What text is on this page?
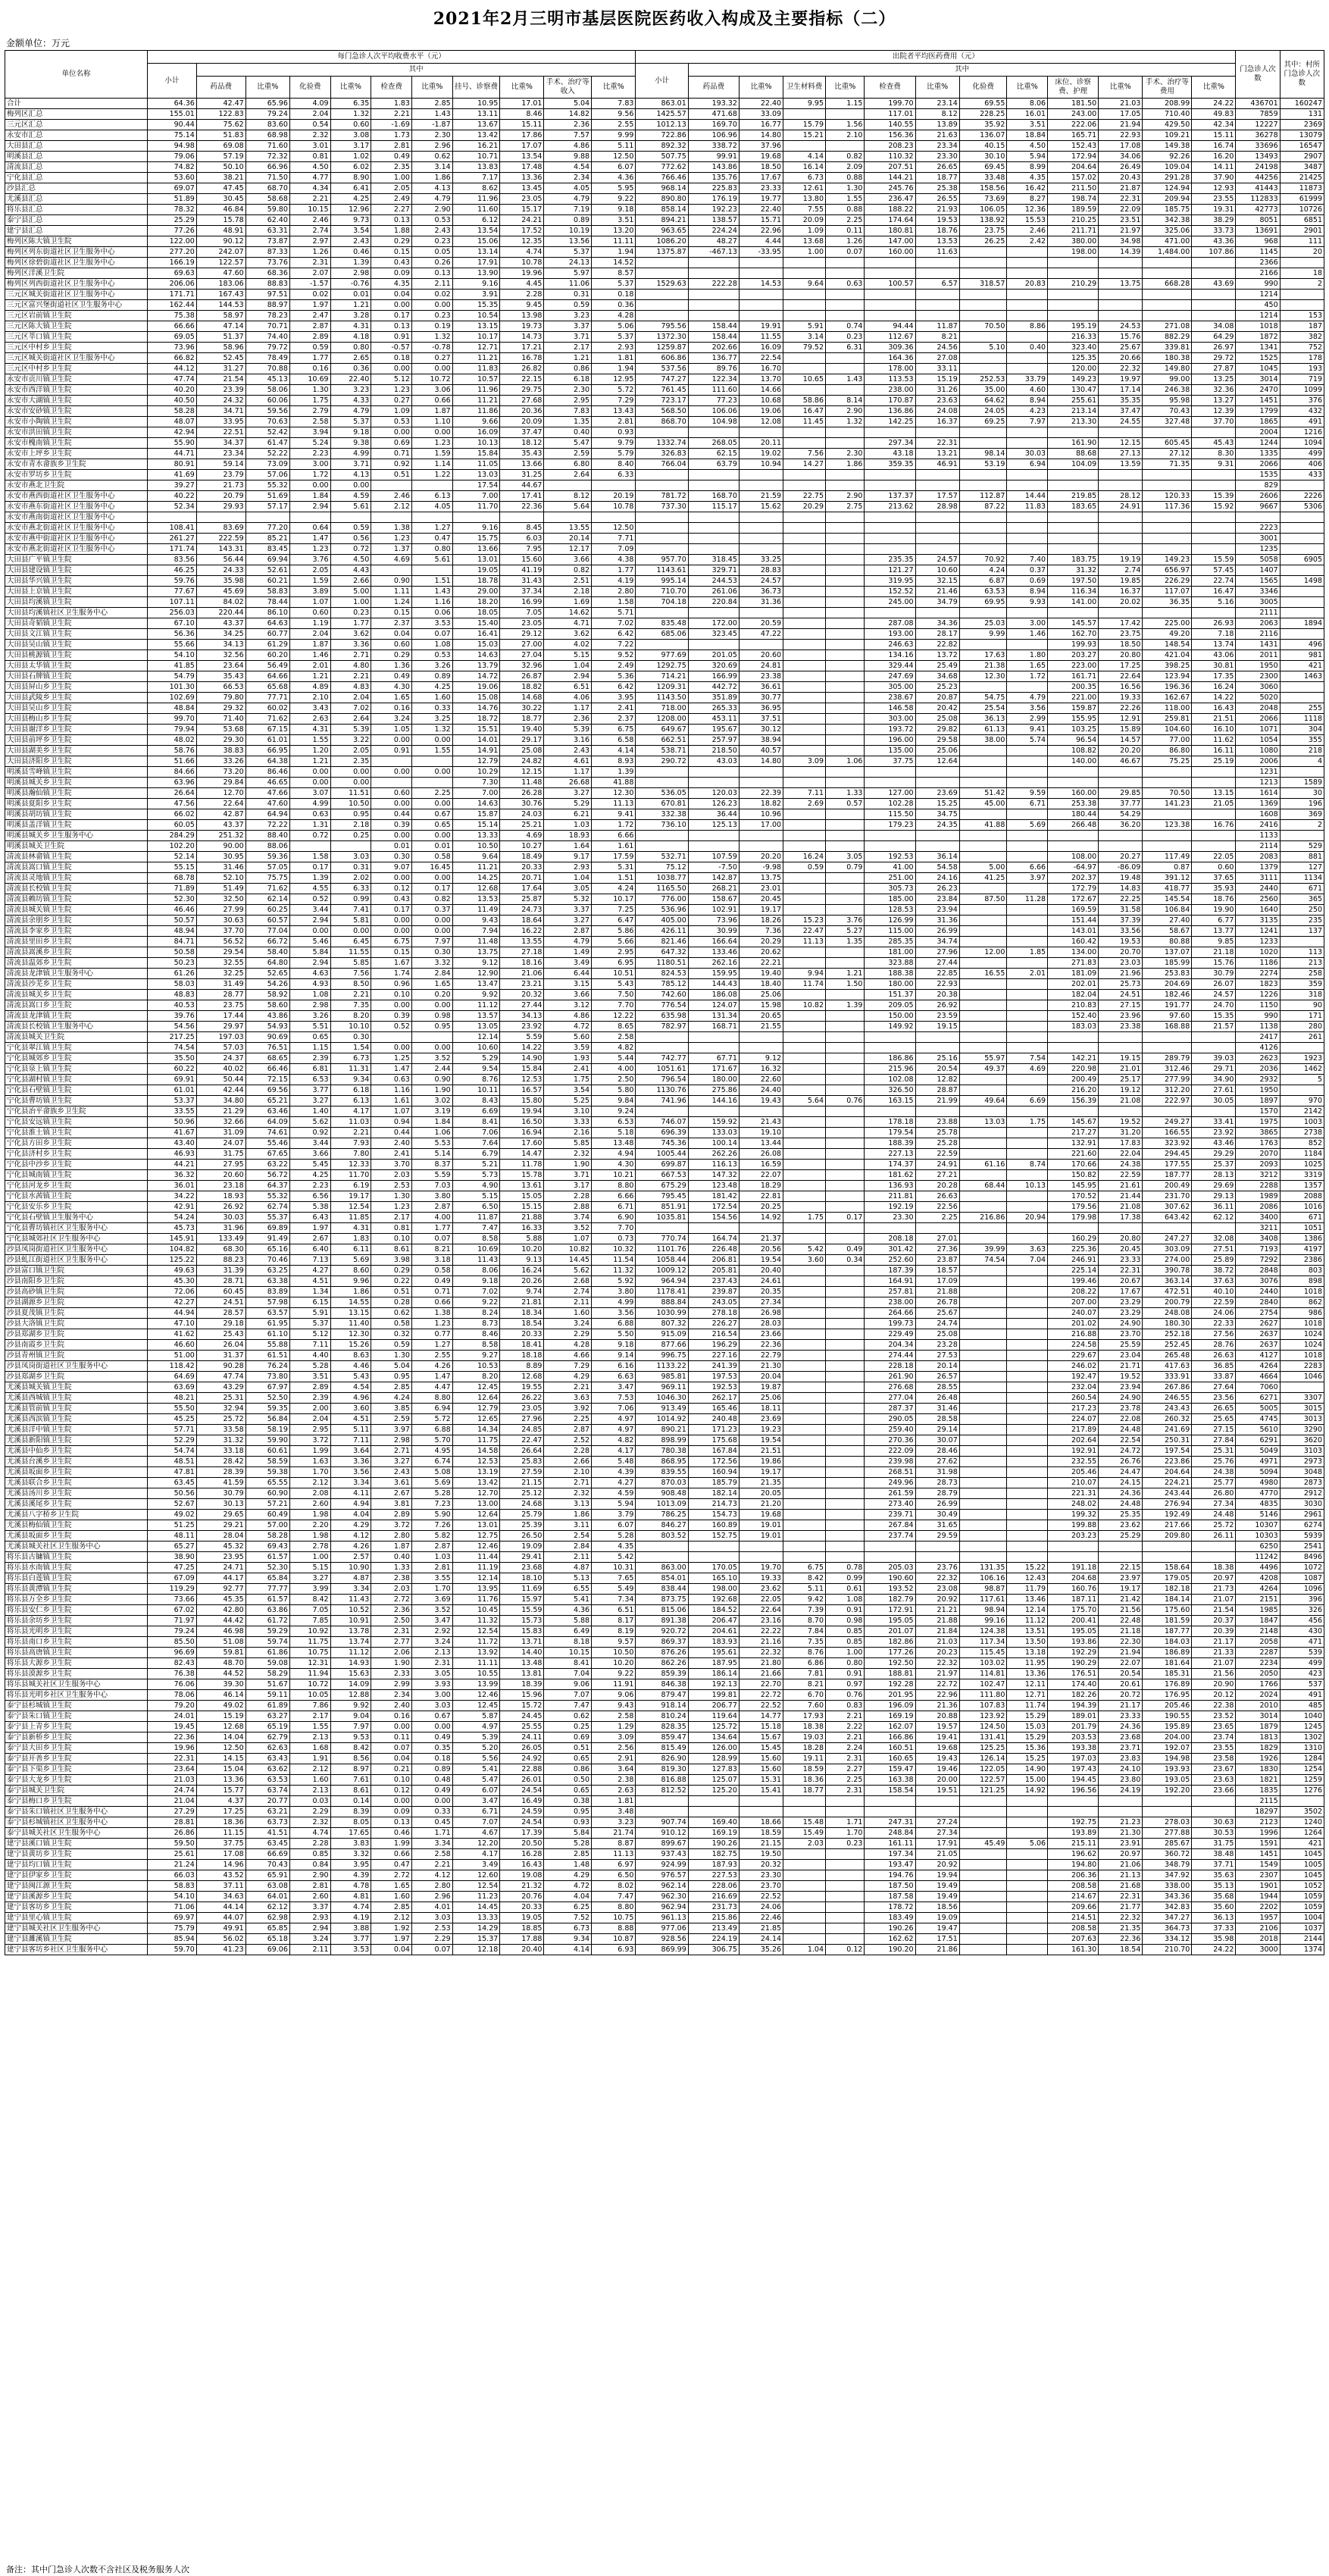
2021年2月三明市基层医院医药收入构成及主要指标（二）
金额单位：万元
单位名称	每门急诊人次平均收费水平（元）											出院者平均医药费用（元）													门急诊人次数	其中：村所门急诊人次数
	小计	其中										小计	其中													
		药品费	比重%	化验费	比重%	检查费	比重%	挂号、诊察费	比重%	手术、治疗等收入	比重%		药品费	比重%	卫生材料费	比重%	检查费	比重%	化验费	比重%	床位、诊察费、护理	比重%	手术、治疗等费用	比重%		
合计	64.36	42.47	65.96	4.09	6.35	1.83	2.85	10.95	17.01	5.04	7.83	863.01	193.32	22.40	9.95	1.15	199.70	23.14	69.55	8.06	181.50	21.03	208.99	24.22	436701	160247
梅列区汇总	155.01	122.83	79.24	2.04	1.32	2.21	1.43	13.11	8.46	14.82	9.56	1425.57	471.68	33.09			117.01	8.12	228.25	16.01	243.00	17.05	710.40	49.83	7859	131
三元区汇总	90.44	75.62	83.60	0.54	0.60	-1.69	-1.87	13.67	15.11	2.36	2.55	1012.13	169.70	16.77	15.79	1.56	140.55	13.89	35.92	3.51	222.06	21.94	429.50	42.34	12227	2369
永安市汇总	75.14	51.83	68.98	2.32	3.08	1.73	2.30	13.42	17.86	7.57	9.99	722.86	106.96	14.80	15.21	2.10	156.36	21.63	136.07	18.84	165.71	22.93	109.21	15.11	36278	13079
大田县汇总	94.98	69.08	71.60	3.01	3.17	2.81	2.96	16.21	17.07	4.86	5.11	892.32	338.72	37.96			208.23	23.34	40.15	4.50	152.43	17.08	149.38	16.74	33696	16547
明溪县汇总	79.06	57.19	72.32	0.81	1.02	0.49	0.62	10.71	13.54	9.88	12.50	507.75	99.91	19.68	4.14	0.82	110.32	23.30	30.10	5.94	172.94	34.06	92.26	16.20	13493	2907
清流县汇总	74.82	50.10	66.96	4.50	6.02	2.35	3.14	13.83	17.48	4.54	6.07	772.62	143.86	18.50	16.14	2.09	207.51	26.65	69.45	8.99	204.64	26.49	109.04	14.11	24198	3487
宁化县汇总	53.60	38.21	71.50	4.77	8.90	1.00	1.86	7.17	13.36	2.34	4.36	766.46	135.76	17.67	6.73	0.88	144.21	18.77	33.48	4.35	157.02	20.43	291.28	37.90	44256	21425
沙县汇总	69.07	47.45	68.70	4.34	6.41	2.05	4.13	8.62	13.45	4.05	5.95	968.14	225.83	23.33	12.61	1.30	245.76	25.38	158.56	16.42	211.50	21.87	124.94	12.93	41443	11873
尤溪县汇总	51.89	30.45	58.68	2.21	4.25	2.49	4.79	11.96	23.05	4.79	9.22	890.80	176.19	19.77	13.80	1.55	236.47	26.55	73.69	8.27	198.74	22.31	209.94	23.55	112833	61999
将乐县汇总	78.32	46.84	59.80	10.15	12.96	2.27	2.90	11.60	15.17	7.19	9.18	858.14	192.23	22.40	7.55	0.88	188.22	21.93	106.05	12.36	189.59	22.09	185.75	19.31	42773	10726
泰宁县汇总	25.29	15.78	62.40	2.46	9.73	0.13	0.53	6.12	24.21	0.89	3.51	894.21	138.57	15.71	20.09	2.25	174.64	19.53	138.92	15.53	210.25	23.51	342.38	38.29	8051	6851
建宁县汇总	77.26	48.91	63.31	2.74	3.54	1.88	2.43	13.54	17.52	10.19	13.20	963.65	224.24	22.96	1.09	0.11	180.81	18.76	23.75	2.46	211.71	21.97	325.06	33.73	13691	2901
梅列区陈大镇卫生院	122.00	90.12	73.87	2.97	2.43	0.29	0.23	15.06	12.35	13.56	11.11	1086.20	48.27	4.44	13.68	1.26	147.00	13.53	26.25	2.42	380.00	34.98	471.00	43.36	968	111
梅列区列东街道社区卫生服务中心	277.20	242.07	87.33	1.26	0.46	0.15	0.05	13.14	4.74	5.37	1.94	1375.87	-467.13	-33.95	1.00	0.07	160.00	11.63			198.00	14.39	1,484.00	107.86	1145	20
梅列区徐碧街道社区卫生服务中心	166.19	122.57	73.76	2.31	1.39	0.43	0.26	17.91	10.78	24.13	14.52														2366	
梅列区洋溪卫生院	69.63	47.60	68.36	2.07	2.98	0.09	0.13	13.90	19.96	5.97	8.57														2166	18
梅列区列西街道社区卫生服务中心	206.06	183.06	88.83	-1.57	-0.76	4.35	2.11	9.16	4.45	11.06	5.37	1529.63	222.28	14.53	9.64	0.63	100.57	6.57	318.57	20.83	210.29	13.75	668.28	43.69	990	2
三元区城关街道社区卫生服务中心	171.71	167.43	97.51	0.02	0.01	0.04	0.02	3.91	2.28	0.31	0.18														1214	
三元区富兴堡街道社区卫生服务中心	162.44	144.53	88.97	1.97	1.21	0.00	0.00	15.35	9.45	0.59	0.36														450	
三元区岩前镇卫生院	75.38	58.97	78.23	2.47	3.28	0.17	0.23	10.54	13.98	3.23	4.28														1214	153
三元区陈大镇卫生院	66.66	47.14	70.71	2.87	4.31	0.13	0.19	13.15	19.73	3.37	5.06	795.56	158.44	19.91	5.91	0.74	94.44	11.87	70.50	8.86	195.19	24.53	271.08	34.08	1018	187
三元区莘口镇卫生院	69.05	51.37	74.40	2.89	4.18	0.91	1.32	10.17	14.73	3.71	5.37	1372.30	158.44	11.55	3.14	0.23	112.67	8.21			216.33	15.76	882.29	64.29	1872	382
三元区中村乡卫生院	73.96	58.96	79.72	0.59	0.80	-0.57	-0.78	12.71	17.21	2.17	2.93	1259.87	202.66	16.09	79.52	6.31	309.36	24.56	5.10	0.40	323.40	25.67	339.81	26.97	1341	752
三元区城关街道社区卫生服务中心	66.82	52.45	78.49	1.77	2.65	0.18	0.27	11.21	16.78	1.21	1.81	606.86	136.77	22.54			164.36	27.08			125.35	20.66	180.38	29.72	1525	178
三元区中村乡卫生院	44.12	31.27	70.88	0.16	0.36	0.00	0.00	11.83	26.82	0.86	1.94	537.56	89.76	16.70			178.00	33.11			120.00	22.32	149.80	27.87	1045	193
永安市贡川镇卫生院	47.74	21.54	45.13	10.69	22.40	5.12	10.72	10.57	22.15	6.18	12.95	747.27	122.34	13.70	10.65	1.43	113.53	15.19	252.53	33.79	149.23	19.97	99.00	13.25	3014	719
永安市西洋镇卫生院	40.20	23.39	58.06	1.30	3.23	1.23	3.06	11.96	29.75	2.30	5.72	761.45	111.60	14.66			238.00	31.26	35.00	4.60	130.47	17.14	246.38	32.36	2470	1099
永安市大湖镇卫生院	40.50	24.32	60.06	1.75	4.33	0.27	0.66	11.21	27.68	2.95	7.29	723.17	77.23	10.68	58.86	8.14	170.87	23.63	64.62	8.94	255.61	35.35	95.98	13.27	1451	376
永安市安砂镇卫生院	58.28	34.71	59.56	2.79	4.79	1.09	1.87	11.86	20.36	7.83	13.43	568.50	106.06	19.06	16.47	2.90	136.86	24.08	24.05	4.23	213.14	37.47	70.43	12.39	1799	432
永安市小陶镇卫生院	48.07	33.95	70.63	2.58	5.37	0.53	1.10	9.66	20.09	1.35	2.81	868.70	104.98	12.08	11.45	1.32	142.25	16.37	69.25	7.97	213.30	24.55	327.48	37.70	1865	491
永安市洪田镇卫生院	42.94	22.51	52.42	3.94	9.18	0.00	0.00	16.09	37.47	0.40	0.93														2004	1216
永安市槐南镇卫生院	55.90	34.37	61.47	5.24	9.38	0.69	1.23	10.13	18.12	5.47	9.79	1332.74	268.05	20.11			297.34	22.31			161.90	12.15	605.45	45.43	1244	1094
永安市上坪乡卫生院	44.71	23.34	52.22	2.23	4.99	0.71	1.59	15.84	35.43	2.59	5.79	326.83	62.15	19.02	7.56	2.30	43.18	13.21	98.14	30.03	88.68	27.13	27.12	8.30	1335	499
永安市青水畲族乡卫生院	80.91	59.14	73.09	3.00	3.71	0.92	1.14	11.05	13.66	6.80	8.40	766.04	63.79	10.94	14.27	1.86	359.35	46.91	53.19	6.94	104.09	13.59	71.35	9.31	2066	406
永安市罗坊乡卫生院	41.69	23.79	57.06	1.72	4.13	0.51	1.22	13.03	31.25	2.64	6.33														1535	433
永安市燕北卫生院	39.27	21.73	55.32	0.00	0.00			17.54	44.67																829	
永安市燕西街道社区卫生服务中心	40.22	20.79	51.69	1.84	4.59	2.46	6.13	7.00	17.41	8.12	20.19	781.72	168.70	21.59	22.75	2.90	137.37	17.57	112.87	14.44	219.85	28.12	120.33	15.39	2606	2226
永安市燕东街道社区卫生服务中心	52.34	29.93	57.17	2.94	5.61	2.12	4.05	11.70	22.36	5.64	10.78	737.30	115.17	15.62	20.29	2.75	213.62	28.98	87.22	11.83	183.65	24.91	117.36	15.92	9667	5306
永安市燕南街道社区卫生服务中心																										
永安市燕北街道社区卫生服务中心	108.41	83.69	77.20	0.64	0.59	1.38	1.27	9.16	8.45	13.55	12.50														2223	
永安市燕中街道社区卫生服务中心	261.27	222.59	85.21	1.47	0.56	1.23	0.47	15.75	6.03	20.14	7.71														3001	
永安市燕北街道社区卫生服务中心	171.74	143.31	83.45	1.23	0.72	1.37	0.80	13.66	7.95	12.17	7.09														1235	
大田县广平镇卫生院	83.56	56.44	69.94	3.76	4.50	4.69	5.61	13.01	15.60	3.66	4.38	957.70	318.45	33.25			235.35	24.57	70.92	7.40	183.75	19.19	149.23	15.59	5058	6905
大田县建设镇卫生院	46.25	24.33	52.61	2.05	4.43			19.05	41.19	0.82	1.77	1143.61	329.71	28.83			121.27	10.60	4.24	0.37	31.32	2.74	656.97	57.45	1407	
大田县华兴镇卫生院	59.76	35.98	60.21	1.59	2.66	0.90	1.51	18.78	31.43	2.51	4.19	995.14	244.53	24.57			319.95	32.15	6.87	0.69	197.50	19.85	226.29	22.74	1565	1498
大田县上京镇卫生院	77.67	45.69	58.83	3.89	5.00	1.11	1.43	29.00	37.34	2.18	2.80	710.70	261.06	36.73			152.52	21.46	63.53	8.94	116.34	16.37	117.07	16.47	3346	
大田县均溪镇卫生院	107.11	84.02	78.44	1.07	1.00	1.24	1.16	18.20	16.99	1.69	1.58	704.18	220.84	31.36			245.00	34.79	69.95	9.93	141.00	20.02	36.35	5.16	3005	
大田县均溪镇社区卫生服务中心	256.03	220.44	86.10	0.60	0.23	0.15	0.06	18.05	7.05	14.62	5.71														2111	
大田县奇韬镇卫生院	67.10	43.37	64.63	1.19	1.77	2.37	3.53	15.40	23.05	4.71	7.02	835.48	172.00	20.59			287.08	34.36	25.03	3.00	145.57	17.42	225.00	26.93	2063	1894
大田县文江镇卫生院	56.36	34.25	60.77	2.04	3.62	0.04	0.07	16.41	29.12	3.62	6.42	685.06	323.45	47.22			193.00	28.17	9.99	1.46	162.70	23.75	49.20	7.18	2116	
大田县吴山镇卫生院	55.66	34.13	61.29	1.87	3.36	0.60	1.08	15.03	27.00	4.02	7.22						246.63	22.82			199.93	18.50	148.54	13.74	1431	496
大田县桃源镇卫生院	54.10	32.56	60.20	1.46	2.71	0.29	0.53	14.63	27.04	5.15	9.52	977.69	201.05	20.60			134.16	13.72	17.63	1.80	203.27	20.80	421.04	43.06	2011	981
大田县太华镇卫生院	41.85	23.64	56.49	2.01	4.80	1.36	3.26	13.79	32.96	1.04	2.49	1292.75	320.69	24.81			329.44	25.49	21.38	1.65	223.00	17.25	398.25	30.81	1950	421
大田县石牌镇卫生院	54.79	35.43	64.66	1.21	2.21	0.49	0.89	14.72	26.87	2.94	5.36	714.21	166.99	23.38			247.69	34.68	12.30	1.72	161.71	22.64	123.94	17.35	2300	1463
大田县屏山乡卫生院	101.30	66.53	65.68	4.89	4.83	4.30	4.25	19.06	18.82	6.51	6.42	1209.31	442.72	36.61			305.00	25.23			200.35	16.56	196.36	16.24	3060	
大田县武陵乡卫生院	102.69	79.80	77.71	2.10	2.04	1.65	1.60	15.08	14.68	4.06	3.95	1143.50	351.89	30.77			238.67	20.87	54.75	4.79	221.00	19.33	162.67	14.22	5020	
大田县吴山乡卫生院	48.84	29.32	60.02	3.43	7.02	0.16	0.33	14.76	30.22	1.17	2.41	718.00	265.33	36.95			146.58	20.42	25.54	3.56	159.87	22.26	118.00	16.43	2048	255
大田县梅山乡卫生院	99.70	71.40	71.62	2.63	2.64	3.24	3.25	18.72	18.77	2.36	2.37	1208.00	453.11	37.51			303.00	25.08	36.13	2.99	155.95	12.91	259.81	21.51	2066	1118
大田县谢洋乡卫生院	79.94	53.68	67.15	4.31	5.39	1.05	1.32	15.51	19.40	5.39	6.75	649.67	195.67	30.12			193.72	29.82	61.13	9.41	103.25	15.89	104.60	16.10	1071	304
大田县前坪乡卫生院	48.02	29.30	61.01	1.55	3.22	0.00	0.00	14.01	29.17	3.16	6.58	662.51	257.97	38.94			196.00	29.58	38.00	5.74	96.54	14.57	77.00	11.62	1054	355
大田县湖美乡卫生院	58.76	38.83	66.95	1.20	2.05	0.91	1.55	14.91	25.08	2.43	4.14	538.71	218.50	40.57			135.00	25.06			108.82	20.20	86.80	16.11	1080	218
大田县济阳乡卫生院	51.66	33.26	64.38	1.21	2.35			12.79	24.82	4.61	8.93	290.72	43.03	14.80	3.09	1.06	37.75	12.64			140.00	46.67	75.25	25.19	2006	4
明溪县雪峰镇卫生院	84.66	73.20	86.46	0.00	0.00	0.00	0.00	10.29	12.15	1.17	1.39														1231	
明溪县城关乡卫生院	63.96	29.84	46.65	0.00	0.00			7.30	11.48	26.68	41.88														1213	1589
明溪县瀚仙镇卫生院	26.64	12.70	47.66	3.07	11.51	0.60	2.25	7.00	26.28	3.27	12.30	536.05	120.03	22.39	7.11	1.33	127.00	23.69	51.42	9.59	160.00	29.85	70.50	13.15	1614	30
明溪县夏阳乡卫生院	47.56	22.64	47.60	4.99	10.50	0.00	0.00	14.63	30.76	5.29	11.13	670.81	126.23	18.82	2.69	0.57	102.28	15.25	45.00	6.71	253.38	37.77	141.23	21.05	1369	196
明溪县胡坊镇卫生院	66.02	42.87	64.94	0.63	0.95	0.44	0.67	15.87	24.03	6.21	9.41	332.38	36.44	10.96			115.50	34.75			180.44	54.29			1608	369
明溪县盖洋镇卫生院	60.05	43.37	72.22	1.31	2.18	0.39	0.65	15.14	25.21	1.03	1.72	736.10	125.13	17.00			179.23	24.35	41.88	5.69	266.48	36.20	123.38	16.76	2416	2
明溪县城关乡卫生服务中心	284.29	251.32	88.40	0.72	0.25	0.00	0.00	13.33	4.69	18.93	6.66														1133	
明溪县城关卫生院	102.20	90.00	88.06			0.01	0.01	10.50	10.27	1.64	1.61														2114	529
清流县林畲镇卫生院	52.14	30.95	59.36	1.58	3.03	0.30	0.58	9.64	18.49	9.17	17.59	532.71	107.59	20.20	16.24	3.05	192.53	36.14			108.00	20.27	117.49	22.05	2083	881
清流县嵩口镇卫生院	55.15	31.46	57.05	0.17	0.31	9.07	16.45	11.21	20.33	2.93	5.31	75.12	-7.50	-9.98	0.59	0.79	41.00	54.58	5.00	6.66	-64.97	-86.09	0.87	0.60	1379	127
清流县灵地镇卫生院	68.78	52.10	75.75	1.39	2.02	0.00	0.00	14.25	20.71	1.04	1.51	1038.77	142.87	13.75			251.00	24.16	41.25	3.97	202.37	19.48	391.12	37.65	3111	1134
清流县长校镇卫生院	71.89	51.49	71.62	4.55	6.33	0.12	0.17	12.68	17.64	3.05	4.24	1165.50	268.21	23.01			305.73	26.23			172.79	14.83	418.77	35.93	2440	671
清流县赖坊镇卫生院	52.30	32.50	62.14	0.52	0.99	0.43	0.82	13.53	25.87	5.32	10.17	776.00	158.67	20.45			185.00	23.84	87.50	11.28	172.67	22.25	145.54	18.76	2560	365
清流县城关镇卫生院	46.46	27.99	60.25	3.44	7.41	0.17	0.37	11.49	24.73	3.37	7.25	536.96	102.91	19.17			128.53	23.94			169.59	31.58	106.84	19.90	1640	250
清流县余朋乡卫生院	50.57	30.63	60.57	2.94	5.81	0.00	0.00	9.43	18.64	3.27	6.47	405.00	73.96	18.26	15.23	3.76	126.99	31.36			151.44	37.39	27.40	6.77	3135	235
清流县李家乡卫生院	48.94	37.70	77.04	0.00	0.00	0.00	0.00	7.94	16.22	2.87	5.86	426.11	30.99	7.36	22.47	5.27	115.00	26.99			143.01	33.56	58.67	13.77	1241	137
清流县里田乡卫生院	84.71	56.52	66.72	5.46	6.45	6.75	7.97	11.48	13.55	4.79	5.66	821.46	166.64	20.29	11.13	1.35	285.35	34.74			160.42	19.53	80.88	9.85	1233	
清流县嵩溪乡卫生院	50.58	29.54	58.40	5.84	11.55	0.15	0.30	13.75	27.18	1.49	2.95	647.32	133.46	20.62			181.00	27.96	12.00	1.85	134.00	20.70	137.07	21.18	1020	113
清流县温郊乡卫生院	50.23	32.55	64.80	2.94	5.85	1.67	3.32	9.12	18.16	3.49	6.95	1180.51	262.16	22.21			323.88	27.44			271.83	23.03	185.99	15.76	1186	213
清流县龙津镇卫生服务中心	61.26	32.25	52.65	4.63	7.56	1.74	2.84	12.90	21.06	6.44	10.51	824.53	159.95	19.40	9.94	1.21	188.38	22.85	16.55	2.01	181.09	21.96	253.83	30.79	2274	258
清流县沙芜乡卫生院	58.03	31.49	54.26	4.93	8.50	0.96	1.65	13.47	23.21	3.15	5.43	785.12	144.43	18.40	11.74	1.50	180.00	22.93			202.01	25.73	204.69	26.07	1823	359
清流县城关乡卫生院	48.83	28.77	58.92	1.08	2.21	0.10	0.20	9.92	20.32	3.66	7.50	742.60	186.08	25.06			151.37	20.38			182.04	24.51	182.46	24.57	1226	318
清流县嵩口乡卫生院	40.53	23.75	58.60	2.98	7.35	0.00	0.00	11.12	27.44	3.12	7.70	776.54	124.07	15.98	10.82	1.39	209.05	26.92			210.83	27.15	191.77	24.70	1150	90
清流县龙津镇卫生院	39.76	17.44	43.86	3.26	8.20	0.39	0.98	13.57	34.13	4.86	12.22	635.98	131.34	20.65			150.00	23.59			152.40	23.96	97.60	15.35	990	171
清流县长校镇卫生服务中心	54.56	29.97	54.93	5.51	10.10	0.52	0.95	13.05	23.92	4.72	8.65	782.97	168.71	21.55			149.92	19.15			183.03	23.38	168.88	21.57	1138	280
清流县城关卫生院	217.25	197.03	90.69	0.65	0.30			12.14	5.59	5.60	2.58														2417	261
宁化县翠江镇卫生院	74.54	57.03	76.51	1.15	1.54	0.00	0.00	10.60	14.22	3.59	4.82														4126	
宁化县城郊乡卫生院	35.50	24.37	68.65	2.39	6.73	1.25	3.52	5.29	14.90	1.93	5.44	742.77	67.71	9.12			186.86	25.16	55.97	7.54	142.21	19.15	289.79	39.03	2623	1923
宁化县泉上镇卫生院	60.22	40.02	66.46	6.81	11.31	1.47	2.44	9.54	15.84	2.41	4.00	1051.61	171.67	16.32			215.96	20.54	49.37	4.69	220.98	21.01	312.46	29.71	2036	1462
宁化县湖村镇卫生院	69.91	50.44	72.15	6.53	9.34	0.63	0.90	8.76	12.53	1.75	2.50	796.54	180.00	22.60			102.08	12.82			200.49	25.17	277.99	34.90	2932	5
宁化县石壁镇卫生院	61.01	42.44	69.56	3.77	6.18	1.16	1.90	10.11	16.57	3.54	5.80	1130.76	275.86	24.40			326.50	28.87			216.20	19.12	312.20	27.61	1950	
宁化县曹坊镇卫生院	53.37	34.80	65.21	3.27	6.13	1.61	3.02	8.43	15.80	5.25	9.84	741.96	144.16	19.43	5.64	0.76	163.15	21.99	49.64	6.69	156.39	21.08	222.97	30.05	1897	970
宁化县治平畲族乡卫生院	33.55	21.29	63.46	1.40	4.17	1.07	3.19	6.69	19.94	3.10	9.24														1570	2142
宁化县安远镇卫生院	50.96	32.66	64.09	5.62	11.03	0.94	1.84	8.41	16.50	3.33	6.53	746.07	159.92	21.43			178.18	23.88	13.03	1.75	145.67	19.52	249.27	33.41	1975	1003
宁化县淮土镇卫生院	41.67	31.09	74.61	0.92	2.21	0.44	1.06	7.06	16.94	2.16	5.18	696.39	133.03	19.10			179.54	25.78			217.27	31.20	166.55	23.92	3865	2738
宁化县方田乡卫生院	43.40	24.07	55.46	3.44	7.93	2.40	5.53	7.64	17.60	5.85	13.48	745.36	100.14	13.44			188.39	25.28			132.91	17.83	323.92	43.46	1763	852
宁化县济村乡卫生院	46.93	31.75	67.65	3.66	7.80	2.41	5.14	6.79	14.47	2.32	4.94	1005.44	262.26	26.08			227.13	22.59			221.60	22.04	294.45	29.29	2070	1184
宁化县中沙乡卫生院	44.21	27.95	63.22	5.45	12.33	3.70	8.37	5.21	11.78	1.90	4.30	699.87	116.13	16.59			174.37	24.91	61.16	8.74	170.66	24.38	177.55	25.37	2093	1025
宁化县城南镇卫生院	36.32	20.60	56.72	4.25	11.70	2.03	5.59	5.73	15.78	3.71	10.21	667.53	147.32	22.07			181.62	27.21			150.82	22.59	187.77	28.13	3212	3319
宁化县河龙乡卫生院	36.01	23.18	64.37	2.23	6.19	2.53	7.03	4.90	13.61	3.17	8.80	675.29	123.48	18.29			136.93	20.28	68.44	10.13	145.95	21.61	200.49	29.69	2288	1357
宁化县水茜镇卫生院	34.22	18.93	55.32	6.56	19.17	1.30	3.80	5.15	15.05	2.28	6.66	795.45	181.42	22.81			211.81	26.63			170.52	21.44	231.70	29.13	1989	2088
宁化县安乐乡卫生院	42.91	26.92	62.74	5.38	12.54	1.23	2.87	6.50	15.15	2.88	6.71	851.91	172.54	20.25			192.19	22.56			179.56	21.08	307.62	36.11	2086	1016
宁化县石壁镇卫生服务中心	54.24	30.03	55.37	6.43	11.85	2.17	4.00	11.87	21.88	3.74	6.90	1035.81	154.56	14.92	1.75	0.17	23.30	2.25	216.86	20.94	179.98	17.38	643.42	62.12	3400	671
宁化县曹坊镇社区卫生服务中心	45.73	31.96	69.89	1.97	4.31	0.81	1.77	7.47	16.33	3.52	7.70														3211	1051
宁化县城郊社区卫生服务中心	145.91	133.49	91.49	2.67	1.83	0.10	0.07	8.58	5.88	1.07	0.73	770.74	164.74	21.37			208.18	27.01			160.29	20.80	247.27	32.08	3408	1386
沙县凤岗街道社区卫生服务中心	104.82	68.30	65.16	6.40	6.11	8.61	8.21	10.69	10.20	10.82	10.32	1101.76	226.48	20.56	5.42	0.49	301.42	27.36	39.99	3.63	225.36	20.45	303.09	27.51	7193	4197
沙县虬江街道社区卫生服务中心	125.22	88.23	70.46	7.13	5.69	3.98	3.18	11.43	9.13	14.45	11.54	1058.44	206.81	19.54	3.60	0.34	252.60	23.87	74.54	7.04	246.91	23.33	274.00	25.89	7292	2386
沙县富口镇卫生院	49.63	31.39	63.25	4.27	8.60	0.29	0.58	8.06	16.24	5.62	11.32	1009.12	205.81	20.40			187.39	18.57			225.14	22.31	390.78	38.72	2848	803
沙县南阳乡卫生院	45.30	28.71	63.38	4.51	9.96	0.22	0.49	9.18	20.26	2.68	5.92	964.94	237.43	24.61			164.91	17.09			199.46	20.67	363.14	37.63	3076	898
沙县高砂镇卫生院	72.06	60.45	83.89	1.34	1.86	0.51	0.71	7.02	9.74	2.74	3.80	1178.41	239.87	20.35			257.81	21.88			208.22	17.67	472.51	40.10	2440	1018
沙县湖源乡卫生院	42.27	24.51	57.98	6.15	14.55	0.28	0.66	9.22	21.81	2.11	4.99	888.84	243.05	27.34			238.00	26.78			207.00	23.29	200.79	22.59	2840	862
沙县夏茂镇卫生院	44.94	28.57	63.57	5.91	13.15	0.62	1.38	8.24	18.34	1.60	3.56	1030.99	278.18	26.98			264.66	25.67			240.07	23.29	248.08	24.06	2754	986
沙县大洛镇卫生院	47.10	29.18	61.95	5.37	11.40	0.58	1.23	8.73	18.54	3.24	6.88	807.32	226.27	28.03			199.73	24.74			201.02	24.90	180.30	22.33	2627	1018
沙县郑湖乡卫生院	41.62	25.43	61.10	5.12	12.30	0.32	0.77	8.46	20.33	2.29	5.50	915.09	216.54	23.66			229.49	25.08			216.88	23.70	252.18	27.56	2637	1024
沙县南霞乡卫生院	46.60	26.04	55.88	7.11	15.26	0.59	1.27	8.58	18.41	4.28	9.18	877.66	196.29	22.36			204.34	23.28			224.58	25.59	252.45	28.76	2637	1024
沙县青州镇卫生院	51.00	31.37	61.51	4.40	8.63	1.30	2.55	9.27	18.18	4.66	9.14	996.75	227.16	22.79			274.44	27.53			229.67	23.04	265.48	26.63	4127	1018
沙县凤岗街道社区卫生服务中心	118.42	90.28	76.24	5.28	4.46	5.04	4.26	10.53	8.89	7.29	6.16	1133.22	241.39	21.30			228.18	20.14			246.02	21.71	417.63	36.85	4264	2283
沙县郑湖乡卫生院	64.69	47.74	73.80	3.51	5.43	0.95	1.47	8.20	12.68	4.29	6.63	985.81	197.53	20.04			261.90	26.57			192.47	19.52	333.91	33.87	4664	1046
尤溪县城关镇卫生院	63.69	43.29	67.97	2.89	4.54	2.85	4.47	12.45	19.55	2.21	3.47	969.11	192.53	19.87			276.68	28.55			232.04	23.94	267.86	27.64	7060	
尤溪县西城镇卫生院	48.21	25.31	52.50	2.39	4.96	4.24	8.80	12.64	26.22	3.63	7.53	1046.30	262.17	25.06			277.04	26.48			260.54	24.90	246.55	23.56	6271	3307
尤溪县管前镇卫生院	55.50	32.94	59.35	2.00	3.60	3.85	6.94	12.79	23.05	3.92	7.06	913.49	165.46	18.11			287.37	31.46			217.23	23.78	243.43	26.65	5005	3015
尤溪县西滨镇卫生院	45.25	25.72	56.84	2.04	4.51	2.59	5.72	12.65	27.96	2.25	4.97	1014.92	240.48	23.69			290.05	28.58			224.07	22.08	260.32	25.65	4745	3013
尤溪县洋中镇卫生院	57.71	33.58	58.19	2.95	5.11	3.97	6.88	14.34	24.85	2.87	4.97	890.21	171.23	19.23			259.40	29.14			217.89	24.48	241.69	27.15	5610	3290
尤溪县新阳镇卫生院	52.29	31.32	59.90	3.72	7.11	2.98	5.70	11.75	22.47	2.52	4.82	898.99	175.68	19.54			270.36	30.07			202.64	22.54	250.31	27.84	6291	3620
尤溪县中仙乡卫生院	54.74	33.18	60.61	1.99	3.64	2.71	4.95	14.58	26.64	2.28	4.17	780.38	167.84	21.51			222.09	28.46			192.91	24.72	197.54	25.31	5049	3103
尤溪县台溪乡卫生院	48.51	28.42	58.59	1.63	3.36	3.27	6.74	12.53	25.83	2.66	5.48	868.95	172.56	19.86			239.98	27.62			232.55	26.76	223.86	25.76	4971	2973
尤溪县坂面乡卫生院	47.81	28.39	59.38	1.70	3.56	2.43	5.08	13.19	27.59	2.10	4.39	839.55	160.94	19.17			268.51	31.98			205.46	24.47	204.64	24.38	5094	3048
尤溪县联合乡卫生院	63.45	41.59	65.55	2.12	3.34	3.61	5.69	13.42	21.15	2.71	4.27	870.03	185.79	21.35			249.96	28.73			210.07	24.15	224.21	25.77	4980	2873
尤溪县汤川乡卫生院	50.56	30.79	60.90	2.08	4.11	2.67	5.28	12.70	25.12	2.32	4.59	908.48	182.14	20.05			261.59	28.79			221.31	24.36	243.44	26.80	4770	2912
尤溪县溪尾乡卫生院	52.67	30.13	57.21	2.60	4.94	3.81	7.23	13.00	24.68	3.13	5.94	1013.09	214.73	21.20			273.40	26.99			248.02	24.48	276.94	27.34	4835	3030
尤溪县八字桥乡卫生院	49.02	29.65	60.49	1.98	4.04	2.89	5.90	12.64	25.79	1.86	3.79	786.25	154.73	19.68			239.71	30.49			199.32	25.35	192.49	24.48	5146	2961
尤溪县梅仙镇卫生院	51.25	29.21	57.00	2.20	4.29	3.72	7.26	13.01	25.39	3.11	6.07	846.27	160.89	19.01			267.84	31.65			199.88	23.62	217.66	25.72	10307	6274
尤溪县坂面乡卫生院	48.11	28.04	58.28	1.98	4.12	2.80	5.82	12.75	26.50	2.54	5.28	803.52	152.75	19.01			237.74	29.59			203.23	25.29	209.80	26.11	10303	5939
尤溪县城关社区卫生服务中心	65.27	45.32	69.43	2.78	4.26	1.87	2.87	12.46	19.09	2.84	4.35														6250	2541
将乐县古镛镇卫生院	38.90	23.95	61.57	1.00	2.57	0.40	1.03	11.44	29.41	2.11	5.42														11242	8496
将乐县水南镇卫生院	47.25	24.71	52.30	5.15	10.90	1.33	2.81	11.19	23.68	4.87	10.31	863.00	170.05	19.70	6.75	0.78	205.03	23.76	131.35	15.22	191.18	22.15	158.64	18.38	4496	1072
将乐县白莲镇卫生院	67.09	44.17	65.84	3.27	4.87	2.38	3.55	12.14	18.10	5.13	7.65	854.01	165.10	19.33	8.42	0.99	190.60	22.32	106.16	12.43	204.68	23.97	179.05	20.97	4208	1087
将乐县黄潭镇卫生院	119.29	92.77	77.77	3.99	3.34	2.03	1.70	13.95	11.69	6.55	5.49	838.44	198.00	23.62	5.11	0.61	193.52	23.08	98.87	11.79	160.76	19.17	182.18	21.73	4264	1096
将乐县万全乡卫生院	73.66	45.35	61.57	8.42	11.43	2.72	3.69	11.76	15.97	5.41	7.34	873.75	192.68	22.05	9.42	1.08	182.79	20.92	117.61	13.46	187.11	21.42	184.14	21.07	2151	396
将乐县安仁乡卫生院	67.02	42.80	63.86	7.05	10.52	2.36	3.52	10.45	15.59	4.36	6.51	815.06	184.52	22.64	7.39	0.91	172.91	21.21	98.94	12.14	175.70	21.56	175.60	21.54	1985	326
将乐县余坊乡卫生院	71.97	44.42	61.72	7.85	10.91	2.50	3.47	11.32	15.73	5.88	8.17	891.38	206.47	23.16	8.70	0.98	195.05	21.88	99.16	11.12	200.41	22.48	181.59	20.37	1847	456
将乐县光明乡卫生院	79.24	46.98	59.29	10.92	13.78	2.31	2.92	12.54	15.83	6.49	8.19	920.72	204.61	22.22	7.84	0.85	201.07	21.84	124.38	13.51	195.05	21.18	187.77	20.39	2148	430
将乐县南口乡卫生院	85.50	51.08	59.74	11.75	13.74	2.77	3.24	11.72	13.71	8.18	9.57	869.37	183.93	21.16	7.35	0.85	182.86	21.03	117.34	13.50	193.86	22.30	184.03	21.17	2058	471
将乐县高唐镇卫生院	96.69	59.81	61.86	10.75	11.12	2.06	2.13	13.92	14.40	10.15	10.50	876.26	195.61	22.32	8.76	1.00	177.26	20.23	115.45	13.18	192.29	21.94	186.89	21.33	2287	539
将乐县大源乡卫生院	82.43	48.70	59.08	12.31	14.93	1.90	2.31	11.11	13.48	8.41	10.20	862.26	187.95	21.80	6.86	0.80	192.50	22.32	103.02	11.95	190.29	22.07	181.64	21.07	2234	499
将乐县漠源乡卫生院	76.38	44.52	58.29	11.94	15.63	2.33	3.05	10.55	13.81	7.04	9.22	859.39	186.14	21.66	7.81	0.91	188.81	21.97	114.81	13.36	176.51	20.54	185.31	21.56	2050	423
将乐县城关社区卫生服务中心	76.06	39.30	51.67	10.72	14.09	2.99	3.93	13.99	18.39	9.06	11.91	846.38	192.13	22.70	8.21	0.97	192.28	22.72	102.47	12.11	174.40	20.61	176.89	20.90	1766	537
将乐县光明乡社区卫生服务中心	78.06	46.14	59.11	10.05	12.88	2.34	3.00	12.46	15.96	7.07	9.06	879.47	199.81	22.72	6.70	0.76	201.95	22.96	111.80	12.71	182.26	20.72	176.95	20.12	2024	491
泰宁县杉城镇卫生院	79.20	49.02	61.89	7.86	9.92	2.40	3.03	12.45	15.72	7.47	9.43	918.14	206.77	22.52	7.60	0.83	196.09	21.36	107.83	11.74	194.39	21.17	205.46	22.38	2010	485
泰宁县朱口镇卫生院	24.01	15.19	63.27	2.17	9.04	0.16	0.67	5.87	24.45	0.62	2.58	810.24	119.64	14.77	17.93	2.21	169.19	20.88	123.92	15.29	189.01	23.33	190.55	23.52	3014	1040
泰宁县上青乡卫生院	19.45	12.68	65.19	1.55	7.97	0.00	0.00	4.97	25.55	0.25	1.29	828.35	125.72	15.18	18.38	2.22	162.07	19.57	124.50	15.03	201.79	24.36	195.89	23.65	1879	1245
泰宁县新桥乡卫生院	22.36	14.04	62.79	2.13	9.53	0.11	0.49	5.39	24.11	0.69	3.09	859.47	134.64	15.67	19.03	2.21	166.86	19.41	131.41	15.29	203.53	23.68	204.00	23.74	1813	1302
泰宁县大田乡卫生院	19.96	12.50	62.63	1.68	8.42	0.07	0.35	5.20	26.05	0.51	2.56	815.49	126.00	15.45	18.28	2.24	160.51	19.68	125.25	15.36	193.38	23.71	192.07	23.55	1829	1310
泰宁县开善乡卫生院	22.31	14.15	63.43	1.91	8.56	0.04	0.18	5.56	24.92	0.65	2.91	826.90	128.99	15.60	19.11	2.31	160.65	19.43	126.14	15.25	197.03	23.83	194.98	23.58	1926	1284
泰宁县下渠乡卫生院	23.64	15.04	63.62	2.12	8.97	0.21	0.89	5.41	22.88	0.86	3.64	819.30	127.83	15.60	18.59	2.27	159.47	19.46	122.05	14.90	197.43	24.10	193.93	23.67	1830	1254
泰宁县大龙乡卫生院	21.03	13.36	63.53	1.60	7.61	0.10	0.48	5.47	26.01	0.50	2.38	816.88	125.07	15.31	18.36	2.25	163.38	20.00	122.57	15.00	194.45	23.80	193.05	23.63	1821	1259
泰宁县城关卫生院	24.74	15.77	63.74	2.13	8.61	0.12	0.49	6.07	24.54	0.65	2.63	812.52	125.20	15.41	18.77	2.31	158.54	19.51	121.25	14.92	196.56	24.19	192.20	23.66	1835	1276
泰宁县梅口乡卫生院	21.04	4.37	20.77	0.03	0.14	0.00	0.00	3.47	16.49	0.38	1.81														2115	
泰宁县朱口镇社区卫生服务中心	27.29	17.25	63.21	2.29	8.39	0.09	0.33	6.71	24.59	0.95	3.48														18297	3502
泰宁县杉城镇社区卫生服务中心	28.81	18.36	63.73	2.32	8.05	0.13	0.45	7.07	24.54	0.93	3.23	907.74	169.40	18.66	15.48	1.71	247.31	27.24			192.75	21.23	278.03	30.63	2123	1240
泰宁县城关社区卫生服务中心	26.86	11.15	41.51	4.74	17.65	0.46	1.71	4.67	17.39	5.84	21.74	910.12	169.19	18.59	15.49	1.70	248.84	27.34			193.89	21.30	277.88	30.53	1996	1264
建宁县溪口镇卫生院	59.50	37.75	63.45	2.28	3.83	1.99	3.34	12.20	20.50	5.28	8.87	899.67	190.26	21.15	2.03	0.23	161.11	17.91	45.49	5.06	215.11	23.91	285.67	31.75	1591	421
建宁县黄坊乡卫生院	25.61	17.08	66.69	0.85	3.32	0.66	2.58	4.17	16.28	2.85	11.13	937.43	182.75	19.50			197.34	21.05			196.62	20.97	360.72	38.48	1451	1045
建宁县均口镇卫生院	21.24	14.96	70.43	0.84	3.95	0.47	2.21	3.49	16.43	1.48	6.97	924.99	187.93	20.32			193.47	20.92			194.80	21.06	348.79	37.71	1549	1005
建宁县伊家乡卫生院	66.03	43.52	65.91	2.90	4.39	2.72	4.12	12.60	19.08	4.29	6.50	976.57	227.53	23.30			194.76	19.94			206.36	21.13	347.92	35.63	2307	1045
建宁县闽江源卫生院	58.83	37.11	63.08	2.81	4.78	1.65	2.80	12.54	21.32	4.72	8.02	962.14	228.06	23.70			187.50	19.49			208.58	21.68	338.00	35.13	1901	1052
建宁县溪源乡卫生院	54.10	34.63	64.01	2.60	4.81	1.60	2.96	11.23	20.76	4.04	7.47	962.30	216.69	22.52			187.58	19.49			214.67	22.31	343.36	35.68	1944	1059
建宁县客坊乡卫生院	71.06	44.14	62.12	3.37	4.74	2.85	4.01	14.45	20.33	6.25	8.80	962.94	231.73	24.06			178.72	18.56			209.66	21.77	342.83	35.60	2202	1059
建宁县里心镇卫生院	69.97	44.07	62.98	2.93	4.19	2.12	3.03	13.33	19.05	7.52	10.75	961.13	215.86	22.46			183.49	19.09			214.51	22.32	347.27	36.13	1957	1004
建宁县城关社区卫生服务中心	75.79	49.91	65.85	2.94	3.88	1.92	2.53	14.29	18.85	6.73	8.88	977.06	213.49	21.85			190.26	19.47			208.58	21.35	364.73	37.33	2106	1037
建宁县濉溪镇卫生院	85.94	56.02	65.18	3.24	3.77	1.97	2.29	15.37	17.88	9.34	10.87	928.56	224.19	24.14			162.62	17.51			207.63	22.36	334.12	35.98	2018	2144
建宁县客坊乡社区卫生服务中心	59.70	41.23	69.06	2.11	3.53	0.04	0.07	12.18	20.40	4.14	6.93	869.99	306.75	35.26	1.04	0.12	190.20	21.86			161.30	18.54	210.70	24.22	3000	1374
备注：其中门急诊人次数不含社区及税务服务人次
